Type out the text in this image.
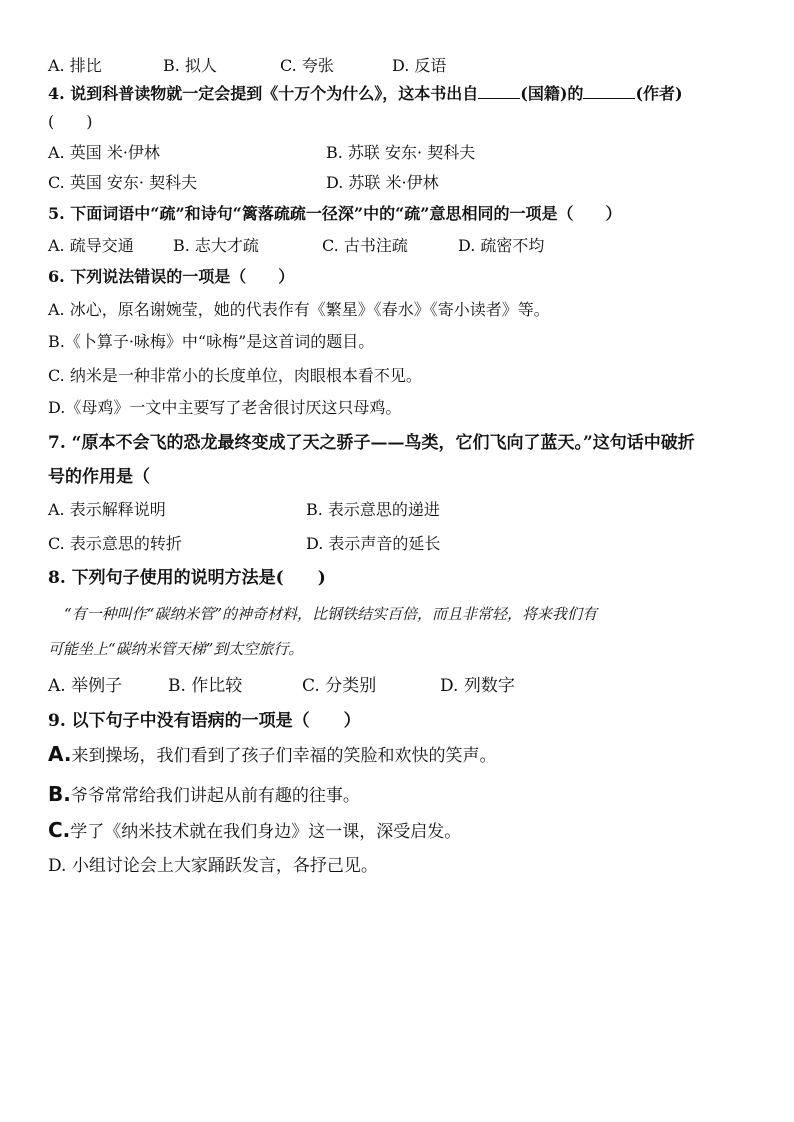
A. 排比	B. 拟人	C. 夸张	D. 反语
4. 说到科普读物就一定会提到《十万个为什么》，这本书出自	(国籍)的	(作者)
(　　)
A. 英国 米·伊林	B. 苏联 安东· 契科夫
C. 英国 安东· 契科夫	D. 苏联 米·伊林
5. 下面词语中“疏”和诗句“篱落疏疏一径深”中的“疏”意思相同的一项是（　　）
A. 疏导交通 B. 志大才疏	C. 古书注疏	D. 疏密不均
6. 下列说法错误的一项是（　　）
A. 冰心，原名谢婉莹，她的代表作有《繁星》《春水》《寄小读者》等。
B.《卜算子·咏梅》中“咏梅”是这首词的题目。
C. 纳米是一种非常小的长度单位，肉眼根本看不见。
D.《母鸡》一文中主要写了老舍很讨厌这只母鸡。
7. “原本不会飞的恐龙最终变成了天之骄子——鸟类，它们飞向了蓝天。”这句话中破折
号的作用是（
A. 表示解释说明	B. 表示意思的递进
C. 表示意思的转折	D. 表示声音的延长
8. 下列句子使用的说明方法是(　　)
“有一种叫作“碳纳米管”的神奇材料，比钢铁结实百倍，而且非常轻，将来我们有
可能坐上“碳纳米管天梯”到太空旅行。
A. 举例子	B. 作比较	C. 分类别	D. 列数字
9. 以下句子中没有语病的一项是（　　）
A.来到操场，我们看到了孩子们幸福的笑脸和欢快的笑声。
B.爷爷常常给我们讲起从前有趣的往事。
C.学了《纳米技术就在我们身边》这一课，深受启发。
D. 小组讨论会上大家踊跃发言，各抒己见。
